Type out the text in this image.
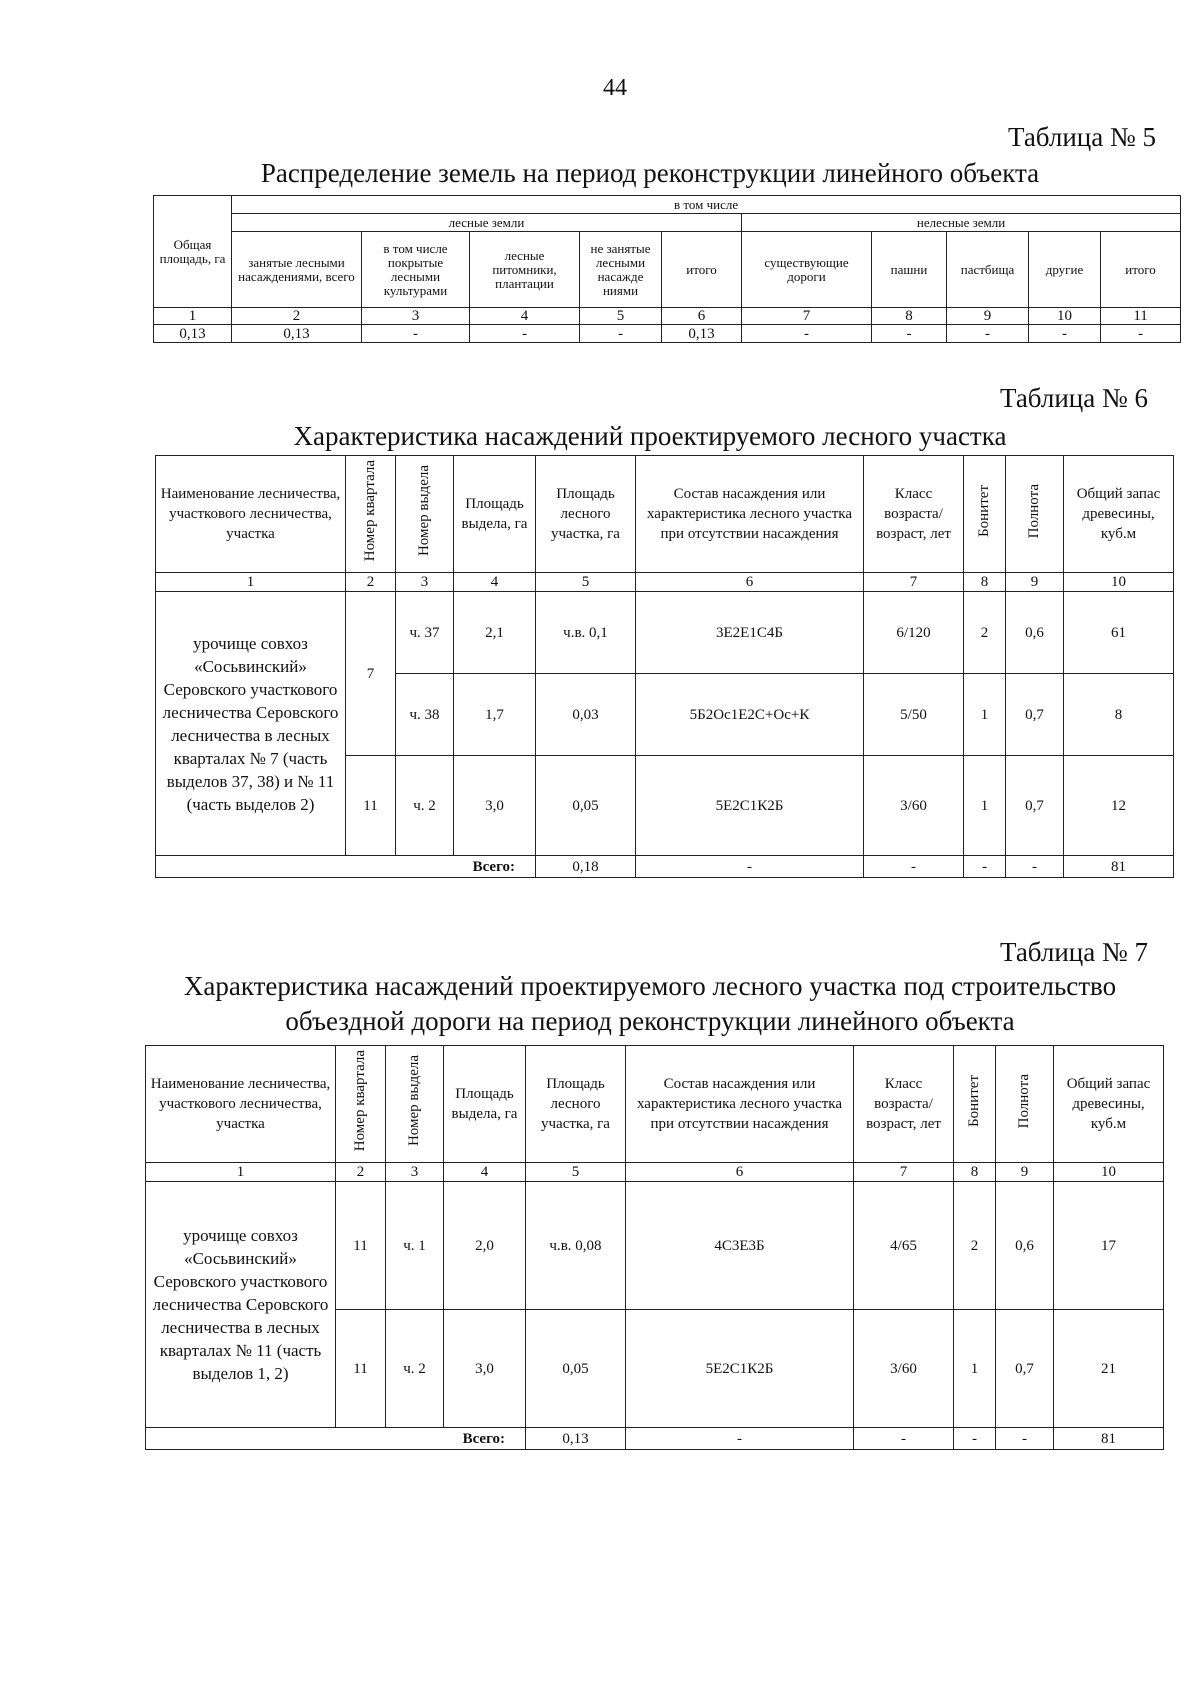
44
Таблица № 5
Распределение земель на период реконструкции линейного объекта
Общая площадь, га	в том числе									
	лесные земли					нелесные земли				
	занятые лесными насаждениями, всего	в том числе покрытые лесными культурами	лесные питомники, плантации	не занятые лесными насажде ниями	итого	существующие дороги	пашни	пастбища	другие	итого
1	2	3	4	5	6	7	8	9	10	11
0,13	0,13	-	-	-	0,13	-	-	-	-	-
Таблица № 6
Характеристика насаждений проектируемого лесного участка
Наименование лесничества, участкового лесничества, участка	Номер квартала	Номер выдела	Площадь выдела, га	Площадь лесного участка, га	Состав насаждения или характеристика лесного участка при отсутствии насаждения	Класс возраста/ возраст, лет	Бонитет	Полнота	Общий запас древесины, куб.м
1	2	3	4	5	6	7	8	9	10
урочище совхоз «Сосьвинский» Серовского участкового лесничества Серовского лесничества в лесных кварталах № 7 (часть выделов 37, 38) и № 11 (часть выделов 2)	7	ч. 37	2,1	ч.в. 0,1	3Е2Е1С4Б	6/120	2	0,6	61
		ч. 38	1,7	0,03	5Б2Ос1Е2С+Ос+К	5/50	1	0,7	8
	11	ч. 2	3,0	0,05	5Е2С1К2Б	3/60	1	0,7	12
Всего:				0,18	-	-	-	-	81
Таблица № 7
Характеристика насаждений проектируемого лесного участка под строительство
объездной дороги на период реконструкции линейного объекта
Наименование лесничества, участкового лесничества, участка	Номер квартала	Номер выдела	Площадь выдела, га	Площадь лесного участка, га	Состав насаждения или характеристика лесного участка при отсутствии насаждения	Класс возраста/ возраст, лет	Бонитет	Полнота	Общий запас древесины, куб.м
1	2	3	4	5	6	7	8	9	10
урочище совхоз «Сосьвинский» Серовского участкового лесничества Серовского лесничества в лесных кварталах № 11 (часть выделов 1, 2)	11	ч. 1	2,0	ч.в. 0,08	4С3Е3Б	4/65	2	0,6	17
	11	ч. 2	3,0	0,05	5Е2С1К2Б	3/60	1	0,7	21
Всего:				0,13	-	-	-	-	81
